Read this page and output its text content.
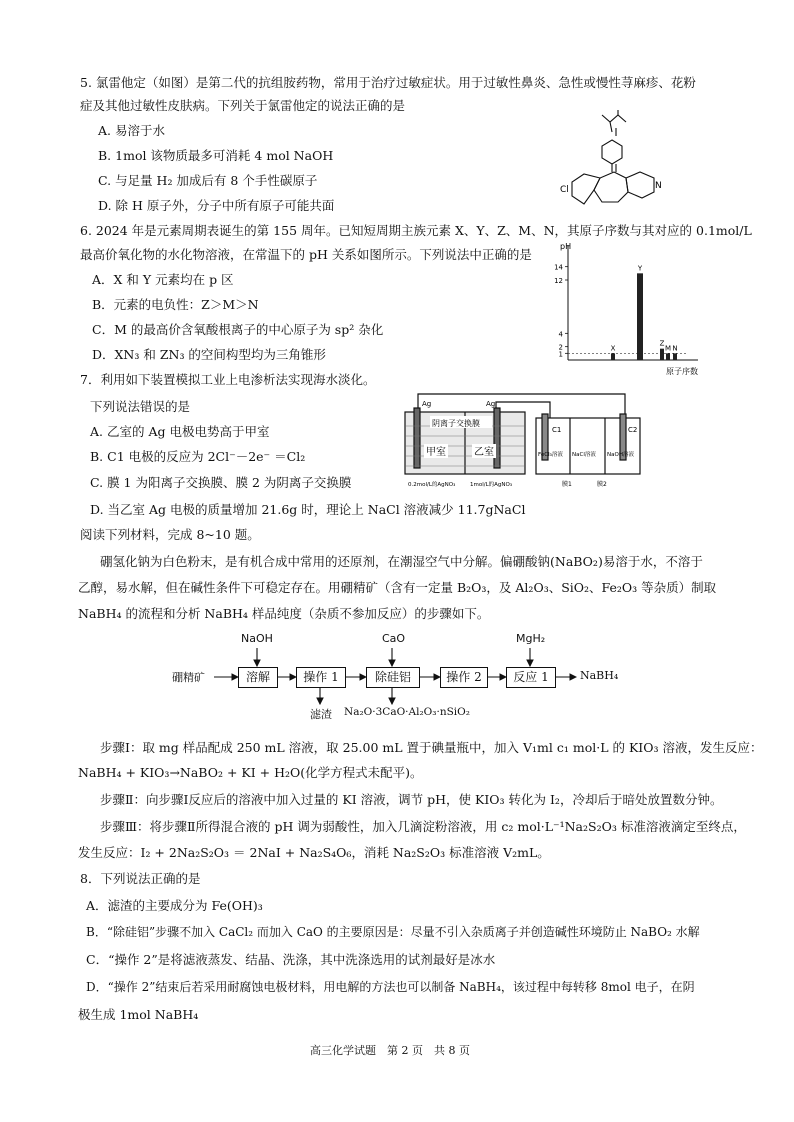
5. 氯雷他定（如图）是第二代的抗组胺药物，常用于治疗过敏症状。用于过敏性鼻炎、急性或慢性荨麻疹、花粉
症及其他过敏性皮肤病。下列关于氯雷他定的说法正确的是
A. 易溶于水
B. 1mol 该物质最多可消耗 4 mol NaOH
C. 与足量 H₂ 加成后有 8 个手性碳原子
D. 除 H 原子外，分子中所有原子可能共面
Cl	N
6. 2024 年是元素周期表诞生的第 155 周年。已知短周期主族元素 X、Y、Z、M、N，其原子序数与其对应的 0.1mol/L
最高价氧化物的水化物溶液，在常温下的 pH 关系如图所示。下列说法中正确的是
A．X 和 Y 元素均在 p 区
B．元素的电负性：Z＞M＞N
C．M 的最高价含氧酸根离子的中心原子为 sp² 杂化
D．XN₃ 和 ZN₃ 的空间构型均为三角锥形
pH
原子序数
1
2
4
12
14
X
Y
Z
M N
7．利用如下装置模拟工业上电渗析法实现海水淡化。
下列说法错误的是
A. 乙室的 Ag 电极电势高于甲室
B. C1 电极的反应为 2Cl⁻－2e⁻ ＝Cl₂
C. 膜 1 为阳离子交换膜、膜 2 为阴离子交换膜
D. 当乙室 Ag 电极的质量增加 21.6g 时，理论上 NaCl 溶液减少 11.7gNaCl
阴离子交换膜
Ag	Ag
甲室	乙室
0.2mol/L的AgNO₃	1mol/L的AgNO₃
C1	C2
FeCl₃溶液 NaCl溶液 NaOH溶液
膜1	膜2
阅读下列材料，完成 8~10 题。
硼氢化钠为白色粉末，是有机合成中常用的还原剂，在潮湿空气中分解。偏硼酸钠(NaBO₂)易溶于水，不溶于
乙醇，易水解，但在碱性条件下可稳定存在。用硼精矿（含有一定量 B₂O₃，及 Al₂O₃、SiO₂、Fe₂O₃ 等杂质）制取
NaBH₄ 的流程和分析 NaBH₄ 样品纯度（杂质不参加反应）的步骤如下。
硼精矿	溶解	操作 1	除硅铝	操作 2	反应 1	NaBH₄
NaOH	CaO	MgH₂
滤渣 Na₂O·3CaO·Al₂O₃·nSiO₂
步骤Ⅰ：取 mg 样品配成 250 mL 溶液，取 25.00 mL 置于碘量瓶中，加入 V₁ml c₁ mol·L 的 KIO₃ 溶液，发生反应：
NaBH₄ + KIO₃→NaBO₂ + KI + H₂O(化学方程式未配平)。
步骤Ⅱ：向步骤Ⅰ反应后的溶液中加入过量的 KI 溶液，调节 pH，使 KIO₃ 转化为 I₂，冷却后于暗处放置数分钟。
步骤Ⅲ：将步骤Ⅱ所得混合液的 pH 调为弱酸性，加入几滴淀粉溶液，用 c₂ mol·L⁻¹Na₂S₂O₃ 标准溶液滴定至终点，
发生反应：I₂ + 2Na₂S₂O₃ ＝ 2NaI + Na₂S₄O₆，消耗 Na₂S₂O₃ 标准溶液 V₂mL。
8．下列说法正确的是
A．滤渣的主要成分为 Fe(OH)₃
B．“除硅铝”步骤不加入 CaCl₂ 而加入 CaO 的主要原因是：尽量不引入杂质离子并创造碱性环境防止 NaBO₂ 水解
C．“操作 2”是将滤液蒸发、结晶、洗涤，其中洗涤选用的试剂最好是冰水
D．“操作 2”结束后若采用耐腐蚀电极材料，用电解的方法也可以制备 NaBH₄，该过程中每转移 8mol 电子，在阴
极生成 1mol NaBH₄
高三化学试题　第 2 页　共 8 页
